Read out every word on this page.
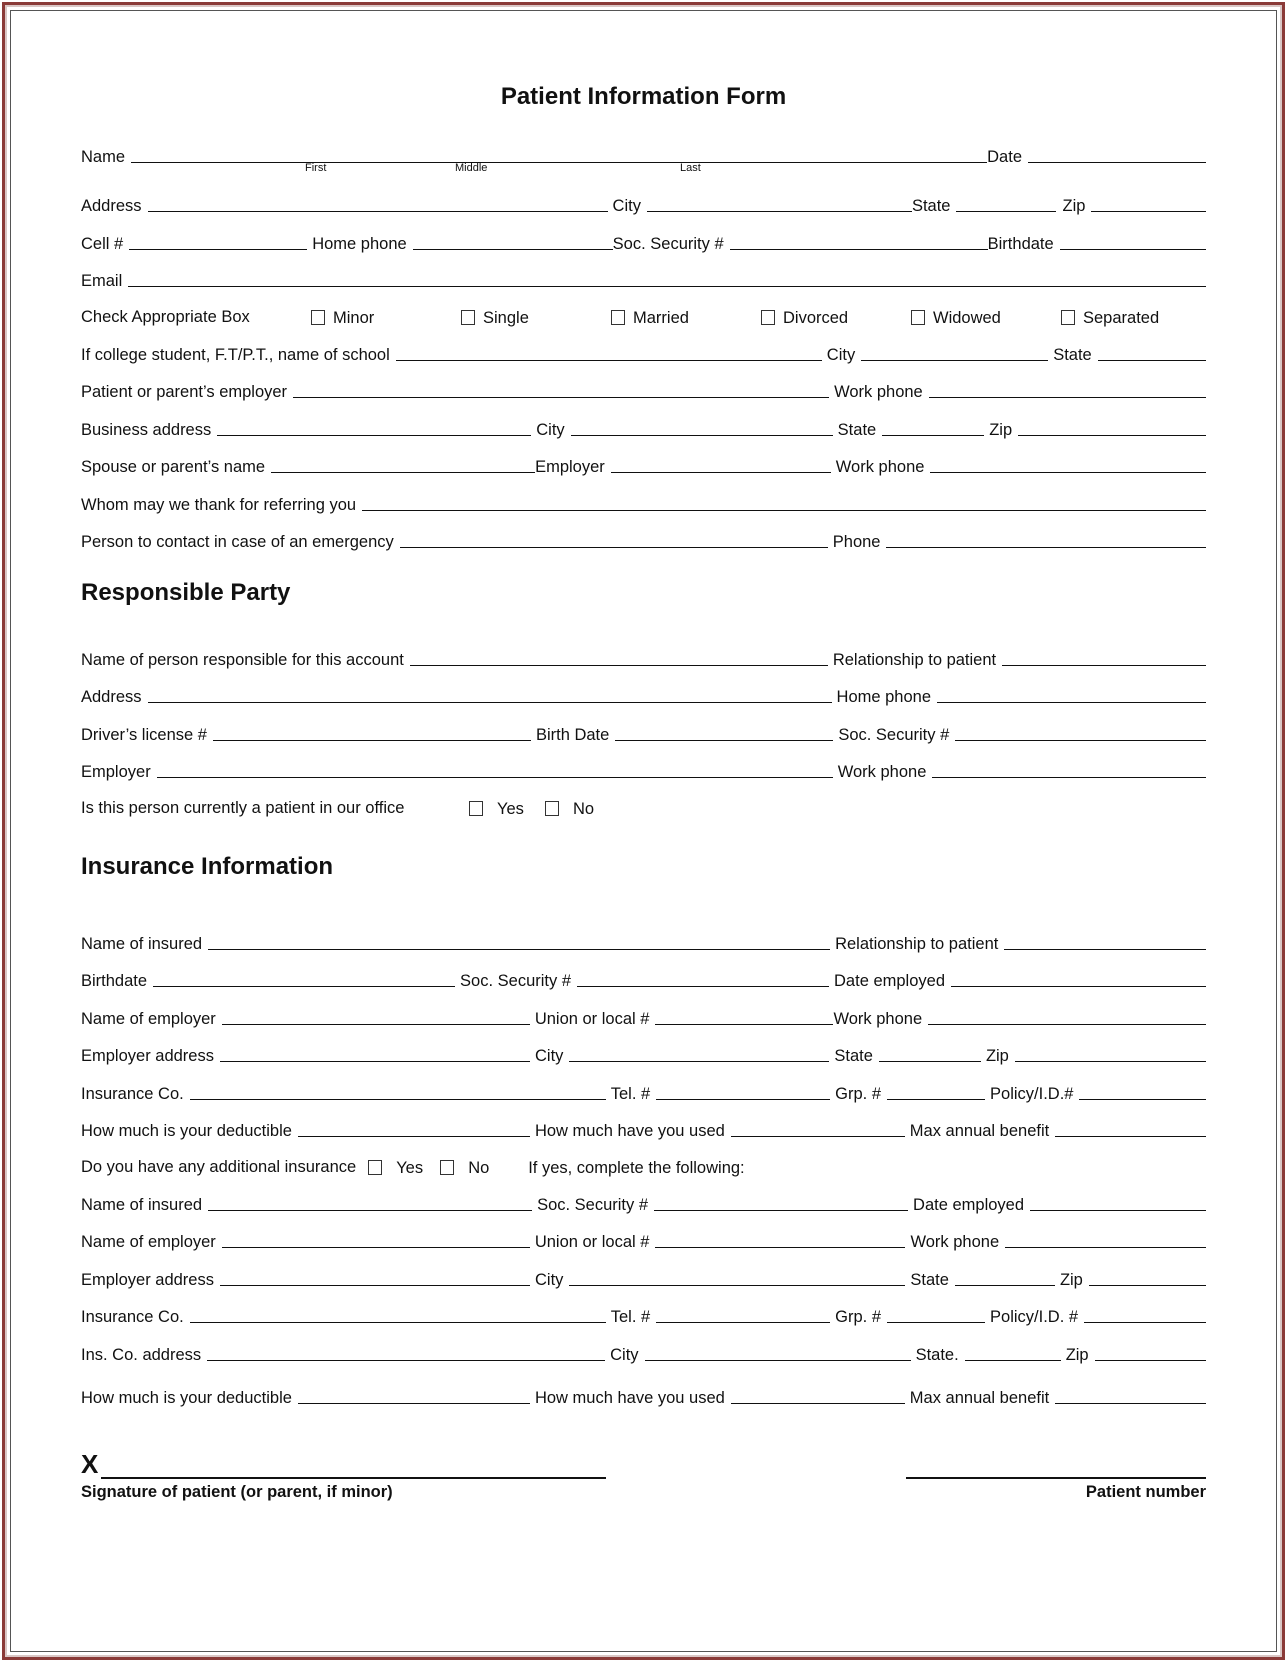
Patient Information Form
Name	Date
First	Middle	Last
Address	City	State	Zip
Cell #	Home phone	Soc. Security #	Birthdate
Email
Check Appropriate Box	Minor	Single	Married	Divorced	Widowed	Separated
If college student, F.T/P.T., name of school	City	State
Patient or parent’s employer	Work phone
Business address	City	State	Zip
Spouse or parent’s name	Employer	Work phone
Whom may we thank for referring you
Person to contact in case of an emergency	Phone
Responsible Party
Name of person responsible for this account	Relationship to patient
Address	Home phone
Driver’s license #	Birth Date	Soc. Security #
Employer	Work phone
Is this person currently a patient in our office	Yes	No
Insurance Information
Name of insured	Relationship to patient
Birthdate	Soc. Security #	Date employed
Name of employer	Union or local #	Work phone
Employer address	City	State	Zip
Insurance Co.	Tel. #	Grp. #	Policy/I.D.#
How much is your deductible	How much have you used	Max annual benefit
Do you have any additional insurance	Yes	No If yes, complete the following:
Name of insured	Soc. Security #	Date employed
Name of employer	Union or local #	Work phone
Employer address	City	State	Zip
Insurance Co.	Tel. #	Grp. #	Policy/I.D. #
Ins. Co. address	City	State.	Zip
How much is your deductible	How much have you used	Max annual benefit
X
Signature of patient (or parent, if minor)	Patient number
